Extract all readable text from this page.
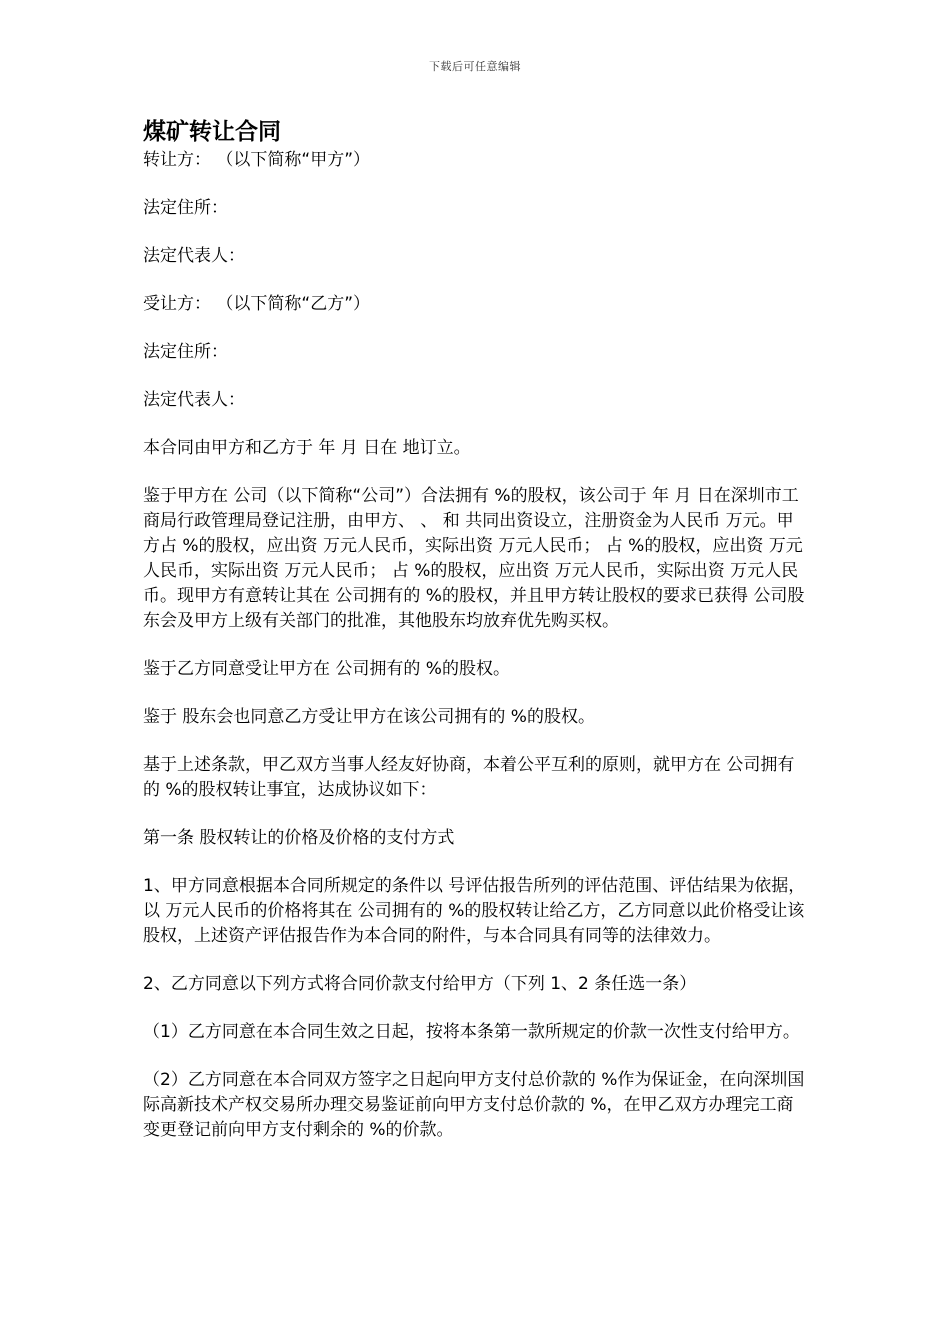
下载后可任意编辑
煤矿转让合同

转让方： （以下简称“甲方”）

法定住所：

法定代表人：

受让方： （以下简称“乙方”）

法定住所：

法定代表人：

本合同由甲方和乙方于 年 月 日在 地订立。

鉴于甲方在 公司（以下简称“公司”）合法拥有 %的股权，该公司于 年 月 日在深圳市工商局行政管理局登记注册，由甲方、 、 和 共同出资设立，注册资金为人民币 万元。甲方占 %的股权，应出资 万元人民币，实际出资 万元人民币； 占 %的股权，应出资 万元人民币，实际出资 万元人民币； 占 %的股权，应出资 万元人民币，实际出资 万元人民币。现甲方有意转让其在 公司拥有的 %的股权，并且甲方转让股权的要求已获得 公司股东会及甲方上级有关部门的批准，其他股东均放弃优先购买权。

鉴于乙方同意受让甲方在 公司拥有的 %的股权。

鉴于 股东会也同意乙方受让甲方在该公司拥有的 %的股权。

基于上述条款，甲乙双方当事人经友好协商，本着公平互利的原则，就甲方在 公司拥有的 %的股权转让事宜，达成协议如下：

第一条 股权转让的价格及价格的支付方式

1、甲方同意根据本合同所规定的条件以 号评估报告所列的评估范围、评估结果为依据，以 万元人民币的价格将其在 公司拥有的 %的股权转让给乙方，乙方同意以此价格受让该股权，上述资产评估报告作为本合同的附件，与本合同具有同等的法律效力。

2、乙方同意以下列方式将合同价款支付给甲方（下列 1、2 条任选一条）

（1）乙方同意在本合同生效之日起，按将本条第一款所规定的价款一次性支付给甲方。

（2）乙方同意在本合同双方签字之日起向甲方支付总价款的 %作为保证金，在向深圳国际高新技术产权交易所办理交易鉴证前向甲方支付总价款的 %，在甲乙双方办理完工商变更登记前向甲方支付剩余的 %的价款。
